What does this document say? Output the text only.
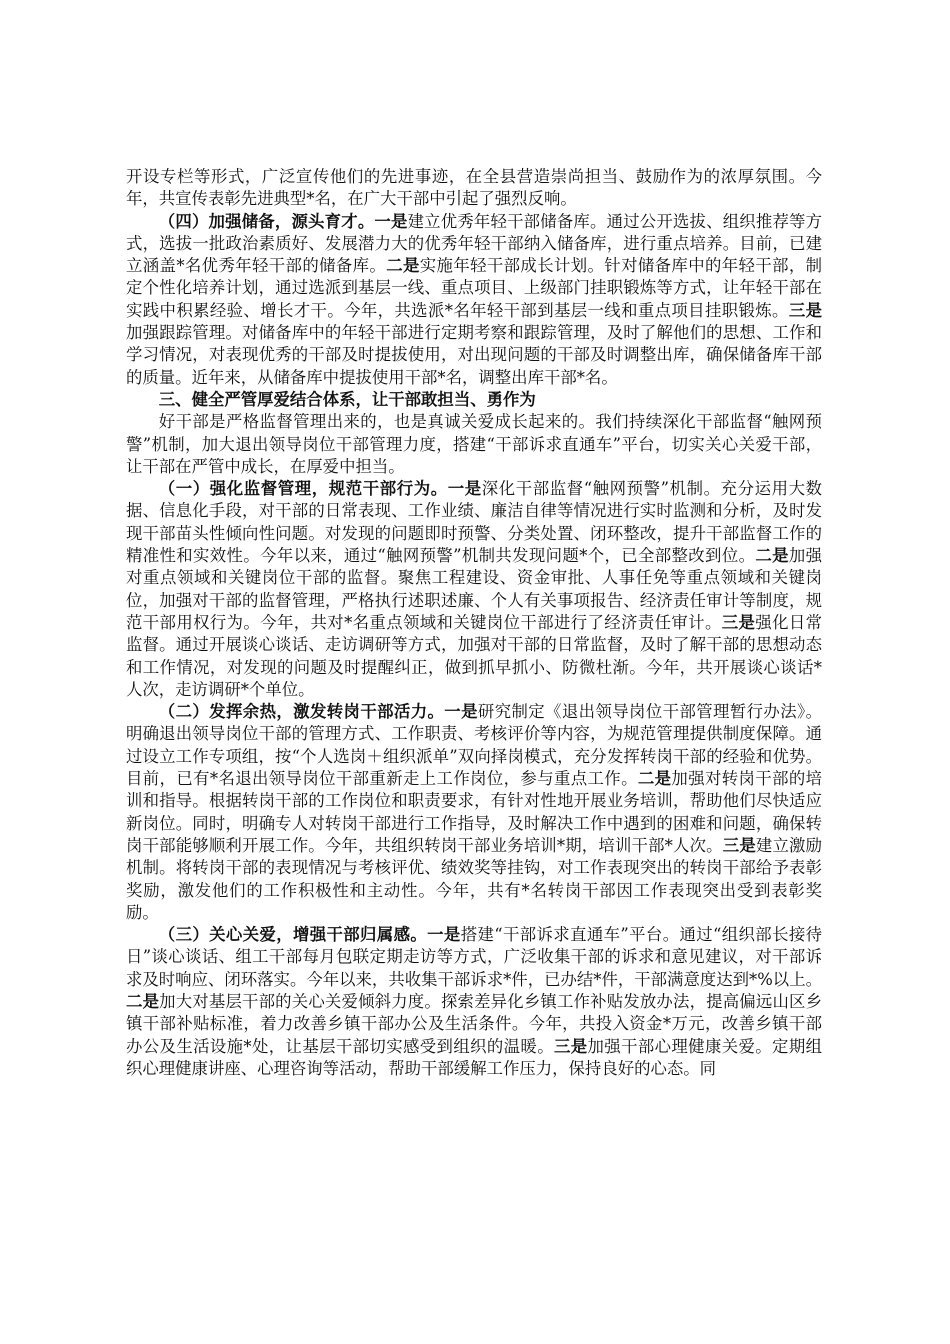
开设专栏等形式，广泛宣传他们的先进事迹，在全县营造崇尚担当、鼓励作为的浓厚氛围。今年，共宣传表彰先进典型*名，在广大干部中引起了强烈反响。

（四）加强储备，源头育才。一是建立优秀年轻干部储备库。通过公开选拔、组织推荐等方式，选拔一批政治素质好、发展潜力大的优秀年轻干部纳入储备库，进行重点培养。目前，已建立涵盖*名优秀年轻干部的储备库。二是实施年轻干部成长计划。针对储备库中的年轻干部，制定个性化培养计划，通过选派到基层一线、重点项目、上级部门挂职锻炼等方式，让年轻干部在实践中积累经验、增长才干。今年，共选派*名年轻干部到基层一线和重点项目挂职锻炼。三是加强跟踪管理。对储备库中的年轻干部进行定期考察和跟踪管理，及时了解他们的思想、工作和学习情况，对表现优秀的干部及时提拔使用，对出现问题的干部及时调整出库，确保储备库干部的质量。近年来，从储备库中提拔使用干部*名，调整出库干部*名。

三、健全严管厚爱结合体系，让干部敢担当、勇作为

好干部是严格监督管理出来的，也是真诚关爱成长起来的。我们持续深化干部监督“触网预警”机制，加大退出领导岗位干部管理力度，搭建“干部诉求直通车”平台，切实关心关爱干部，让干部在严管中成长，在厚爱中担当。

（一）强化监督管理，规范干部行为。一是深化干部监督“触网预警”机制。充分运用大数据、信息化手段，对干部的日常表现、工作业绩、廉洁自律等情况进行实时监测和分析，及时发现干部苗头性倾向性问题。对发现的问题即时预警、分类处置、闭环整改，提升干部监督工作的精准性和实效性。今年以来，通过“触网预警”机制共发现问题*个，已全部整改到位。二是加强对重点领域和关键岗位干部的监督。聚焦工程建设、资金审批、人事任免等重点领域和关键岗位，加强对干部的监督管理，严格执行述职述廉、个人有关事项报告、经济责任审计等制度，规范干部用权行为。今年，共对*名重点领域和关键岗位干部进行了经济责任审计。三是强化日常监督。通过开展谈心谈话、走访调研等方式，加强对干部的日常监督，及时了解干部的思想动态和工作情况，对发现的问题及时提醒纠正，做到抓早抓小、防微杜渐。今年，共开展谈心谈话*人次，走访调研*个单位。

（二）发挥余热，激发转岗干部活力。一是研究制定《退出领导岗位干部管理暂行办法》。明确退出领导岗位干部的管理方式、工作职责、考核评价等内容，为规范管理提供制度保障。通过设立工作专项组，按“个人选岗＋组织派单”双向择岗模式，充分发挥转岗干部的经验和优势。目前，已有*名退出领导岗位干部重新走上工作岗位，参与重点工作。二是加强对转岗干部的培训和指导。根据转岗干部的工作岗位和职责要求，有针对性地开展业务培训，帮助他们尽快适应新岗位。同时，明确专人对转岗干部进行工作指导，及时解决工作中遇到的困难和问题，确保转岗干部能够顺利开展工作。今年，共组织转岗干部业务培训*期，培训干部*人次。三是建立激励机制。将转岗干部的表现情况与考核评优、绩效奖等挂钩，对工作表现突出的转岗干部给予表彰奖励，激发他们的工作积极性和主动性。今年，共有*名转岗干部因工作表现突出受到表彰奖励。

（三）关心关爱，增强干部归属感。一是搭建“干部诉求直通车”平台。通过“组织部长接待日”谈心谈话、组工干部每月包联定期走访等方式，广泛收集干部的诉求和意见建议，对干部诉求及时响应、闭环落实。今年以来，共收集干部诉求*件，已办结*件，干部满意度达到*%以上。二是加大对基层干部的关心关爱倾斜力度。探索差异化乡镇工作补贴发放办法，提高偏远山区乡镇干部补贴标准，着力改善乡镇干部办公及生活条件。今年，共投入资金*万元，改善乡镇干部办公及生活设施*处，让基层干部切实感受到组织的温暖。三是加强干部心理健康关爱。定期组织心理健康讲座、心理咨询等活动，帮助干部缓解工作压力，保持良好的心态。同
